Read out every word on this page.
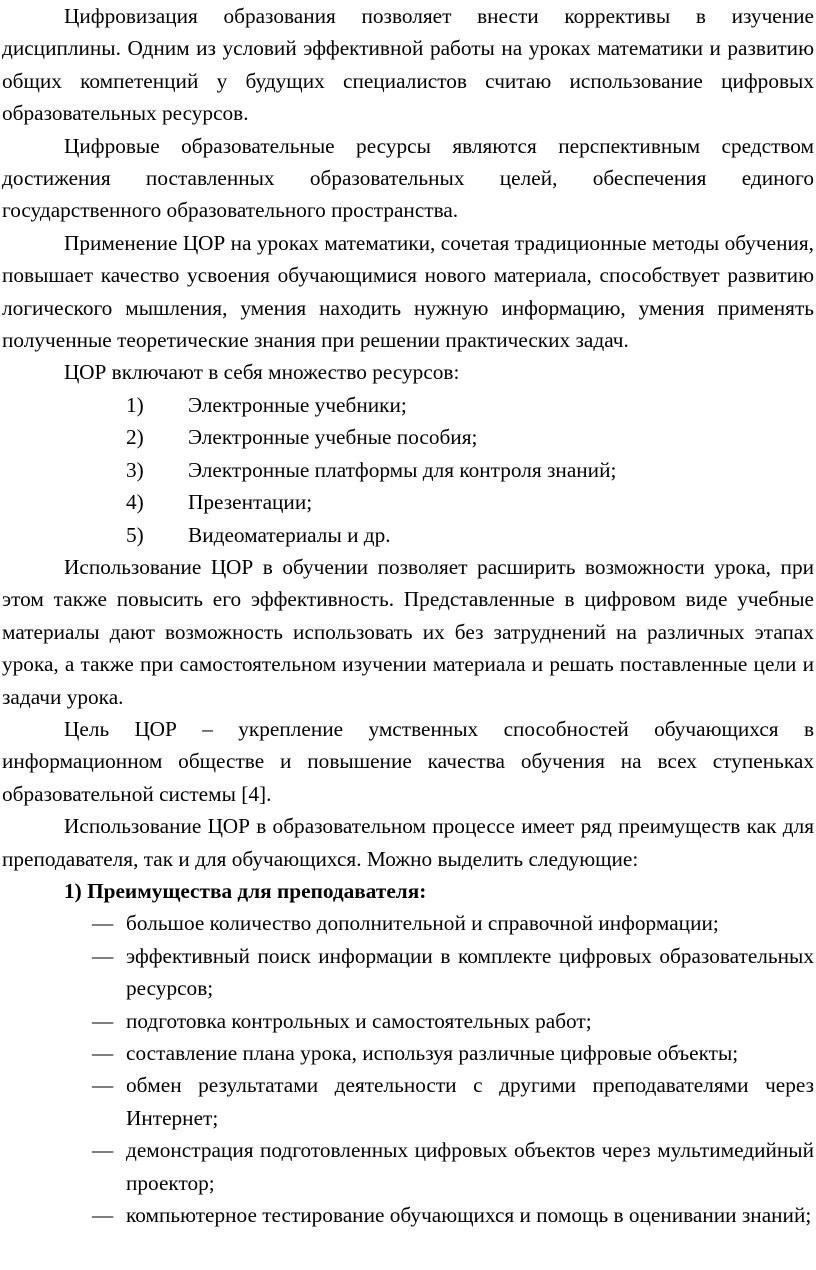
Цифровизация образования позволяет внести коррективы в изучение дисциплины. Одним из условий эффективной работы на уроках математики и развитию общих компетенций у будущих специалистов считаю использование цифровых образовательных ресурсов.

Цифровые образовательные ресурсы являются перспективным средством достижения поставленных образовательных целей, обеспечения единого государственного образовательного пространства.

Применение ЦОР на уроках математики, сочетая традиционные методы обучения, повышает качество усвоения обучающимися нового материала, способствует развитию логического мышления, умения находить нужную информацию, умения применять полученные теоретические знания при решении практических задач.

ЦОР включают в себя множество ресурсов:

1)	Электронные учебники;
2)	Электронные учебные пособия;
3)	Электронные платформы для контроля знаний;
4)	Презентации;
5)	Видеоматериалы и др.

Использование ЦОР в обучении позволяет расширить возможности урока, при этом также повысить его эффективность. Представленные в цифровом виде учебные материалы дают возможность использовать их без затруднений на различных этапах урока, а также при самостоятельном изучении материала и решать поставленные цели и задачи урока.

Цель ЦОР – укрепление умственных способностей обучающихся в информационном обществе и повышение качества обучения на всех ступеньках образовательной системы [4].

Использование ЦОР в образовательном процессе имеет ряд преимуществ как для преподавателя, так и для обучающихся. Можно выделить следующие:

1) Преимущества для преподавателя:
— большое количество дополнительной и справочной информации;
— эффективный поиск информации в комплекте цифровых образовательных ресурсов;
— подготовка контрольных и самостоятельных работ;
— составление плана урока, используя различные цифровые объекты;
— обмен результатами деятельности с другими преподавателями через Интернет;
— демонстрация подготовленных цифровых объектов через мультимедийный проектор;
— компьютерное тестирование обучающихся и помощь в оценивании знаний;
